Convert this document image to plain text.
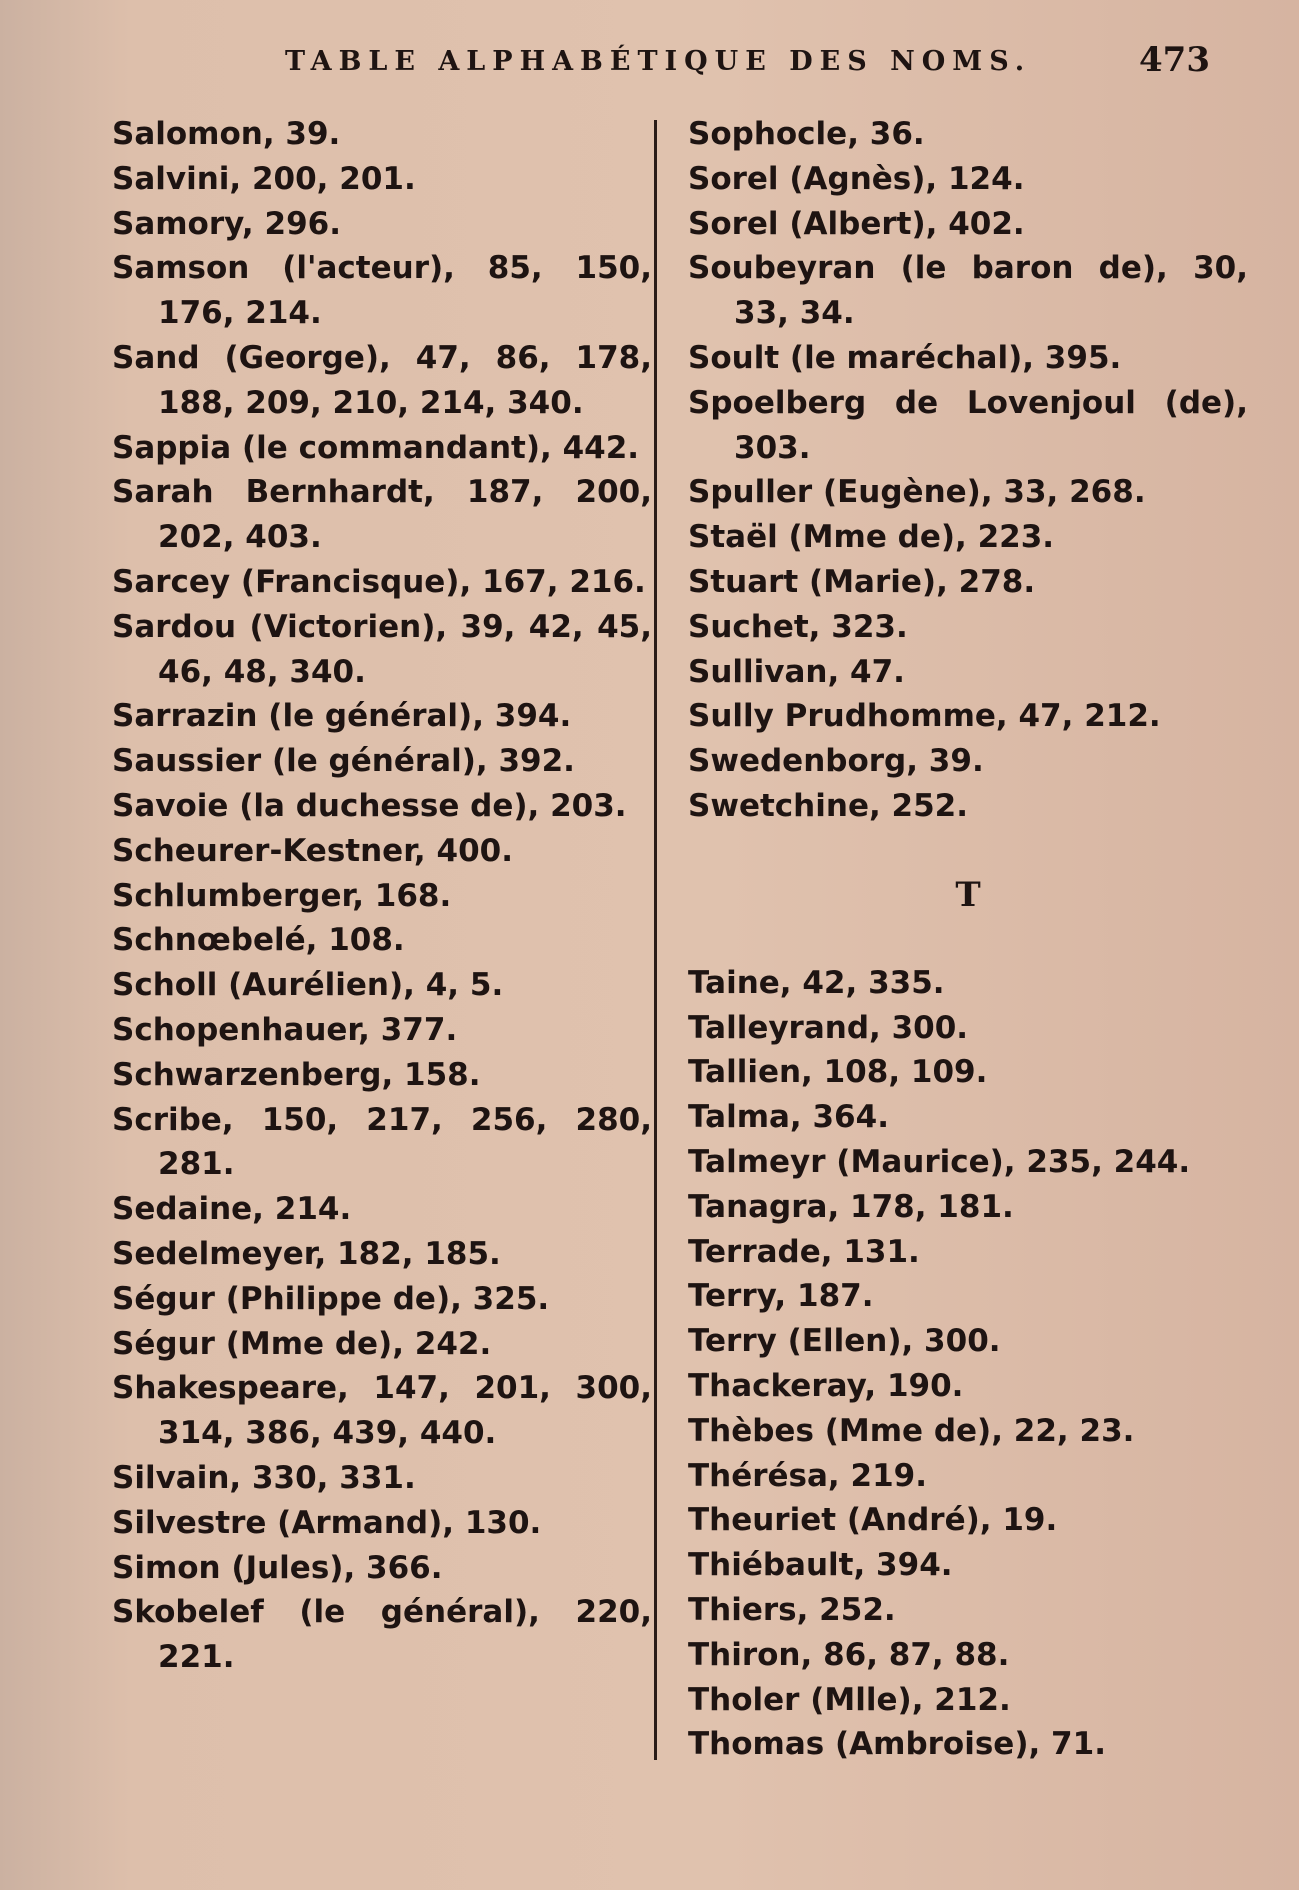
TABLE ALPHABÉTIQUE DES NOMS.	473

Salomon, 39.

Salvini, 200, 201.

Samory, 296.

Samson (l'acteur), 85, 150, 176, 214.

Sand (George), 47, 86, 178, 188, 209, 210, 214, 340.

Sappia (le commandant), 442.

Sarah Bernhardt, 187, 200, 202, 403.

Sarcey (Francisque), 167, 216.

Sardou (Victorien), 39, 42, 45, 46, 48, 340.

Sarrazin (le général), 394.

Saussier (le général), 392.

Savoie (la duchesse de), 203.

Scheurer-Kestner, 400.

Schlumberger, 168.

Schnœbelé, 108.

Scholl (Aurélien), 4, 5.

Schopenhauer, 377.

Schwarzenberg, 158.

Scribe, 150, 217, 256, 280, 281.

Sedaine, 214.

Sedelmeyer, 182, 185.

Ségur (Philippe de), 325.

Ségur (Mme de), 242.

Shakespeare, 147, 201, 300, 314, 386, 439, 440.

Silvain, 330, 331.

Silvestre (Armand), 130.

Simon (Jules), 366.

Skobelef (le général), 220, 221.

Sophocle, 36.

Sorel (Agnès), 124.

Sorel (Albert), 402.

Soubeyran (le baron de), 30, 33, 34.

Soult (le maréchal), 395.

Spoelberg de Lovenjoul (de), 303.

Spuller (Eugène), 33, 268.

Staël (Mme de), 223.

Stuart (Marie), 278.

Suchet, 323.

Sullivan, 47.

Sully Prudhomme, 47, 212.

Swedenborg, 39.

Swetchine, 252.

T

Taine, 42, 335.

Talleyrand, 300.

Tallien, 108, 109.

Talma, 364.

Talmeyr (Maurice), 235, 244.

Tanagra, 178, 181.

Terrade, 131.

Terry, 187.

Terry (Ellen), 300.

Thackeray, 190.

Thèbes (Mme de), 22, 23.

Thérésa, 219.

Theuriet (André), 19.

Thiébault, 394.

Thiers, 252.

Thiron, 86, 87, 88.

Tholer (Mlle), 212.

Thomas (Ambroise), 71.
